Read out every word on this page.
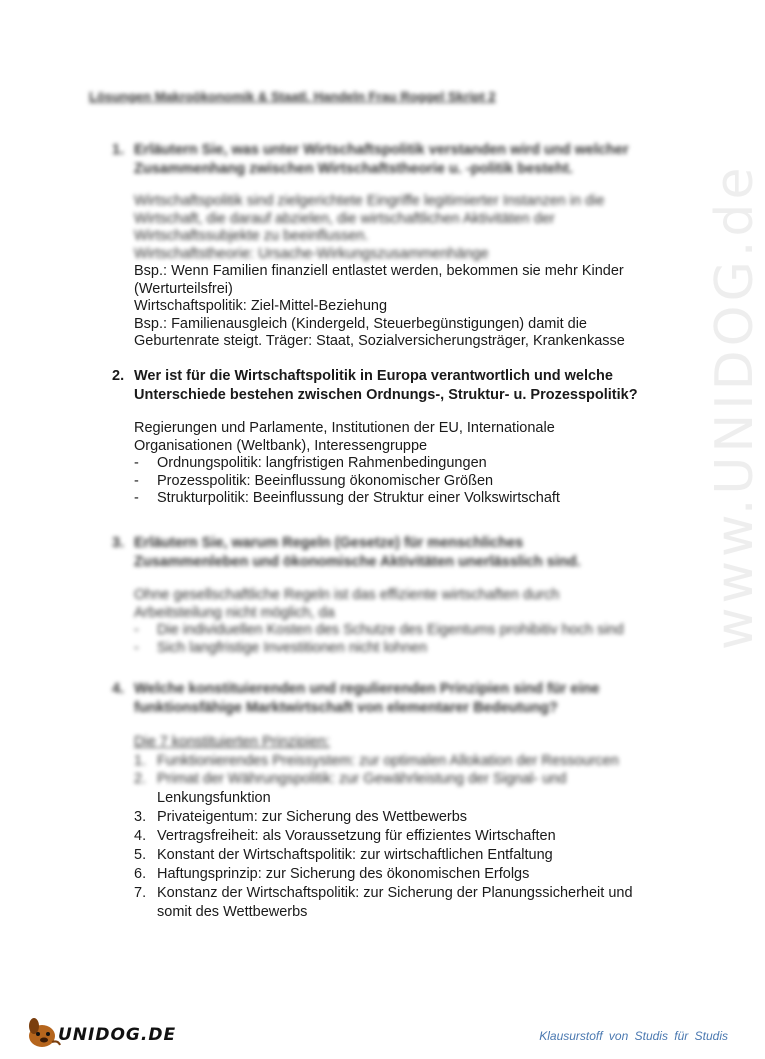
www.UNIDOG.de
Lösungen Makroökonomik & Staatl. Handeln Frau Roggel Skript 2
1. Erläutern Sie, was unter Wirtschaftspolitik verstanden wird und welcher
Zusammenhang zwischen Wirtschaftstheorie u. -politik besteht.
Wirtschaftspolitik sind zielgerichtete Eingriffe legitimierter Instanzen in die
Wirtschaft, die darauf abzielen, die wirtschaftlichen Aktivitäten der
Wirtschaftssubjekte zu beeinflussen.
Wirtschaftstheorie: Ursache-Wirkungszusammenhänge
Bsp.: Wenn Familien finanziell entlastet werden, bekommen sie mehr Kinder
(Werturteilsfrei)
Wirtschaftspolitik: Ziel-Mittel-Beziehung
Bsp.: Familienausgleich (Kindergeld, Steuerbegünstigungen) damit die
Geburtenrate steigt. Träger: Staat, Sozialversicherungsträger, Krankenkasse
2. Wer ist für die Wirtschaftspolitik in Europa verantwortlich und welche
Unterschiede bestehen zwischen Ordnungs-, Struktur- u. Prozesspolitik?
Regierungen und Parlamente, Institutionen der EU, Internationale
Organisationen (Weltbank), Interessengruppe
- Ordnungspolitik: langfristigen Rahmenbedingungen
- Prozesspolitik: Beeinflussung ökonomischer Größen
- Strukturpolitik: Beeinflussung der Struktur einer Volkswirtschaft
3. Erläutern Sie, warum Regeln (Gesetze) für menschliches
Zusammenleben und ökonomische Aktivitäten unerlässlich sind.
Ohne gesellschaftliche Regeln ist das effiziente wirtschaften durch
Arbeitsteilung nicht möglich, da
- Die individuellen Kosten des Schutze des Eigentums prohibitiv hoch sind
- Sich langfristige Investitionen nicht lohnen
4. Welche konstituierenden und regulierenden Prinzipien sind für eine
funktionsfähige Marktwirtschaft von elementarer Bedeutung?
Die 7 konstituierten Prinzipien:
1. Funktionierendes Preissystem: zur optimalen Allokation der Ressourcen
2. Primat der Währungspolitik: zur Gewährleistung der Signal- und
Lenkungsfunktion
3. Privateigentum: zur Sicherung des Wettbewerbs
4. Vertragsfreiheit: als Voraussetzung für effizientes Wirtschaften
5. Konstant der Wirtschaftspolitik: zur wirtschaftlichen Entfaltung
6. Haftungsprinzip: zur Sicherung des ökonomischen Erfolgs
7. Konstanz der Wirtschaftspolitik: zur Sicherung der Planungssicherheit und
somit des Wettbewerbs
UNIDOG.DE	Klausurstoff von Studis für Studis
